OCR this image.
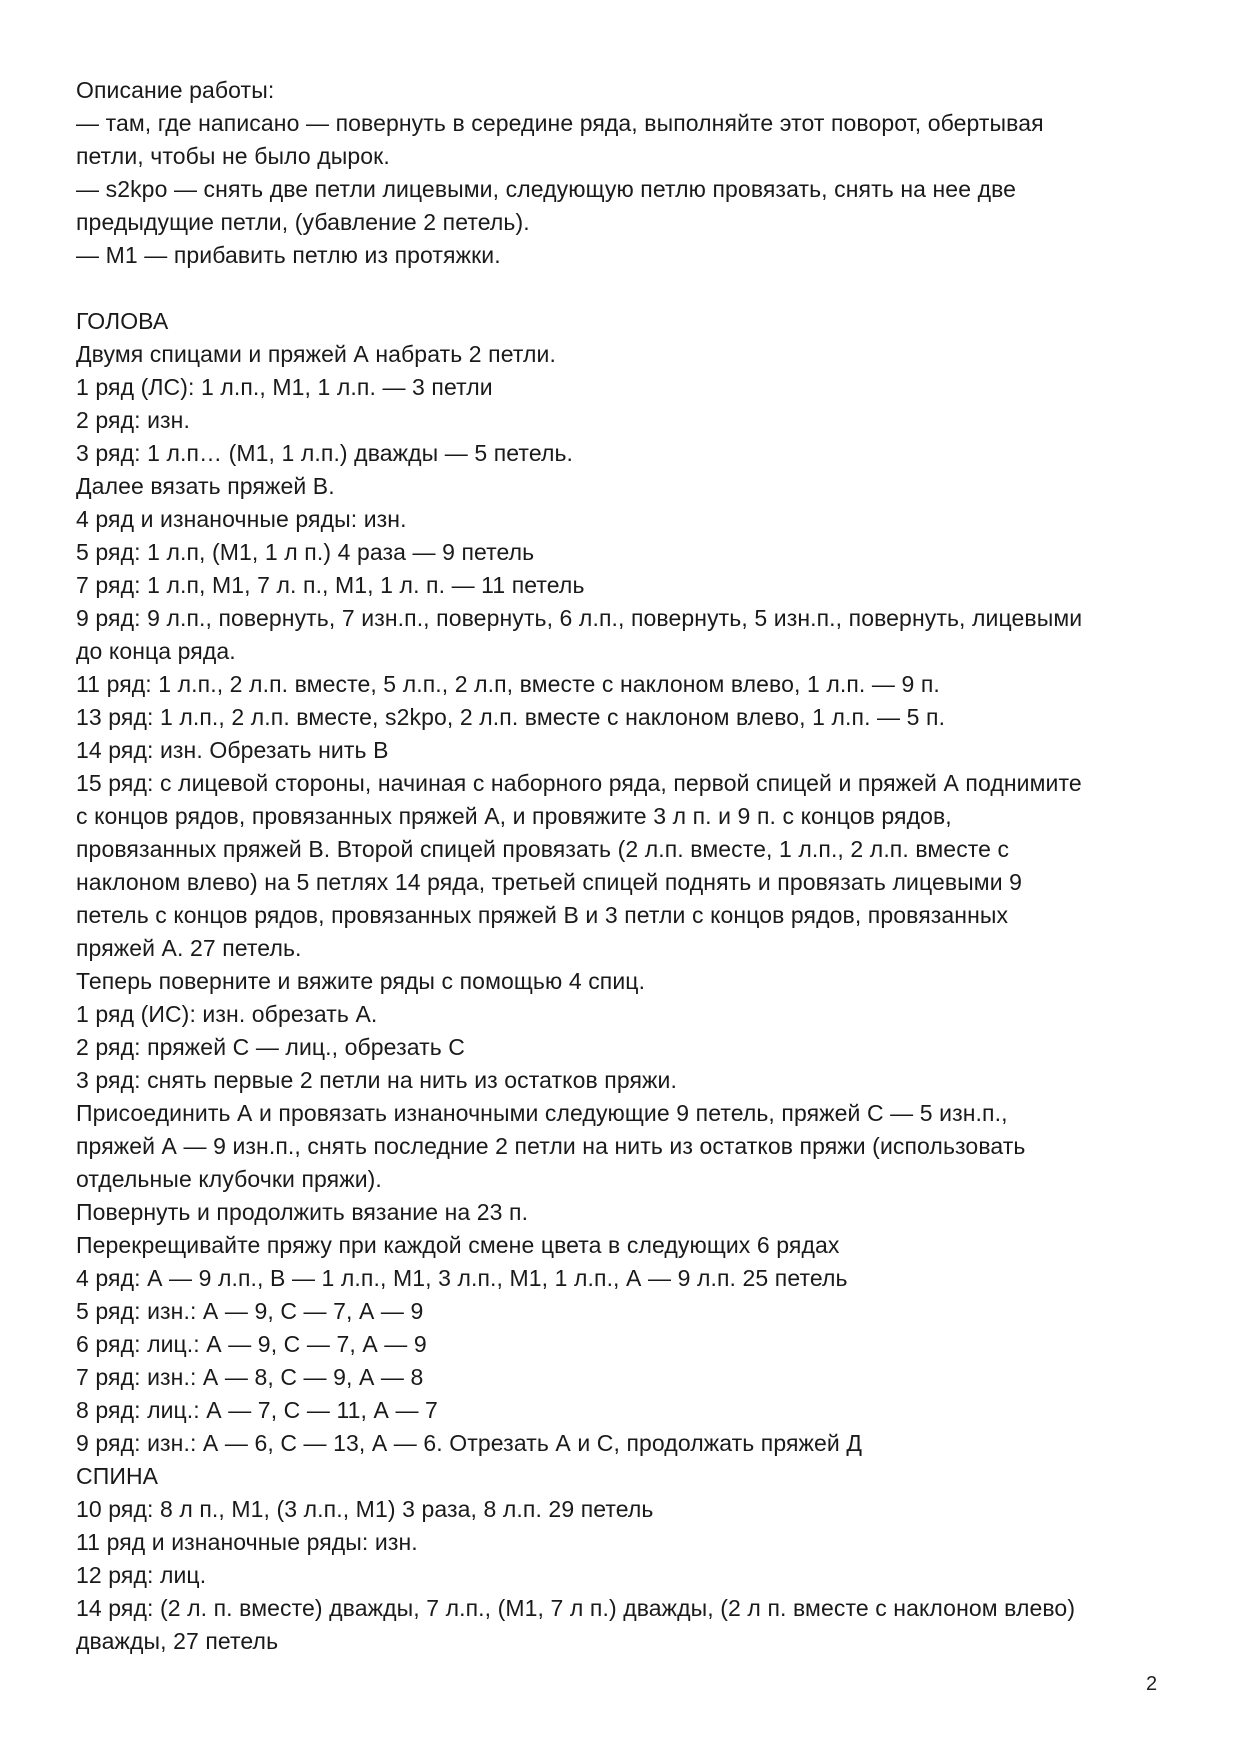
Описание работы:
— там, где написано — повернуть в середине ряда, выполняйте этот поворот, обертывая
петли, чтобы не было дырок.
— s2kpo — снять две петли лицевыми, следующую петлю провязать, снять на нее две
предыдущие петли, (убавление 2 петель).
— M1 — прибавить петлю из протяжки.
ГОЛОВА
Двумя спицами и пряжей А набрать 2 петли.
1 ряд (ЛС): 1 л.п., М1, 1 л.п. — 3 петли
2 ряд: изн.
3 ряд: 1 л.п… (М1, 1 л.п.) дважды — 5 петель.
Далее вязать пряжей В.
4 ряд и изнаночные ряды: изн.
5 ряд: 1 л.п, (М1, 1 л п.) 4 раза — 9 петель
7 ряд: 1 л.п, М1, 7 л. п., М1, 1 л. п. — 11 петель
9 ряд: 9 л.п., повернуть, 7 изн.п., повернуть, 6 л.п., повернуть, 5 изн.п., повернуть, лицевыми
до конца ряда.
11 ряд: 1 л.п., 2 л.п. вместе, 5 л.п., 2 л.п, вместе с наклоном влево, 1 л.п. — 9 п.
13 ряд: 1 л.п., 2 л.п. вместе, s2kpo, 2 л.п. вместе с наклоном влево, 1 л.п. — 5 п.
14 ряд: изн. Обрезать нить В
15 ряд: с лицевой стороны, начиная с наборного ряда, первой спицей и пряжей А поднимите
с концов рядов, провязанных пряжей А, и провяжите 3 л п. и 9 п. с концов рядов,
провязанных пряжей В. Второй спицей провязать (2 л.п. вместе, 1 л.п., 2 л.п. вместе с
наклоном влево) на 5 петлях 14 ряда, третьей спицей поднять и провязать лицевыми 9
петель с концов рядов, провязанных пряжей В и 3 петли с концов рядов, провязанных
пряжей А. 27 петель.
Теперь поверните и вяжите ряды с помощью 4 спиц.
1 ряд (ИС): изн. обрезать А.
2 ряд: пряжей С — лиц., обрезать С
3 ряд: снять первые 2 петли на нить из остатков пряжи.
Присоединить А и провязать изнаночными следующие 9 петель, пряжей С — 5 изн.п.,
пряжей А — 9 изн.п., снять последние 2 петли на нить из остатков пряжи (использовать
отдельные клубочки пряжи).
Повернуть и продолжить вязание на 23 п.
Перекрещивайте пряжу при каждой смене цвета в следующих 6 рядах
4 ряд: А — 9 л.п., В — 1 л.п., М1, 3 л.п., М1, 1 л.п., А — 9 л.п. 25 петель
5 ряд: изн.: А — 9, С — 7, А — 9
6 ряд: лиц.: А — 9, С — 7, А — 9
7 ряд: изн.: А — 8, С — 9, А — 8
8 ряд: лиц.: А — 7, С — 11, А — 7
9 ряд: изн.: А — 6, С — 13, А — 6. Отрезать А и С, продолжать пряжей Д
СПИНА
10 ряд: 8 л п., М1, (3 л.п., М1) 3 раза, 8 л.п. 29 петель
11 ряд и изнаночные ряды: изн.
12 ряд: лиц.
14 ряд: (2 л. п. вместе) дважды, 7 л.п., (М1, 7 л п.) дважды, (2 л п. вместе с наклоном влево)
дважды, 27 петель
2
